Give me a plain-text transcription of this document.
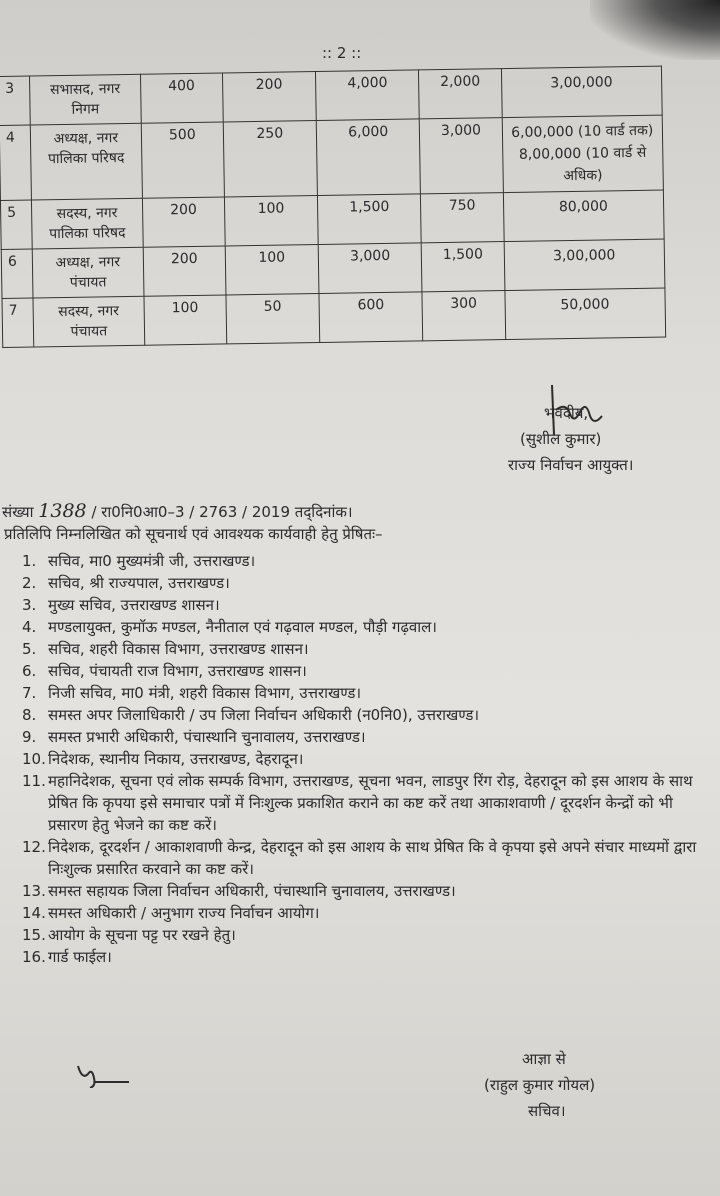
:: 2 ::
3	सभासद, नगर निगम	400	200	4,000	2,000	3,00,000
4	अध्यक्ष, नगर पालिका परिषद	500	250	6,000	3,000	6,00,000 (10 वार्ड तक) 8,00,000 (10 वार्ड से अधिक)
5	सदस्य, नगर पालिका परिषद	200	100	1,500	750	80,000
6	अध्यक्ष, नगर पंचायत	200	100	3,000	1,500	3,00,000
7	सदस्य, नगर पंचायत	100	50	600	300	50,000
भवदीय,
(सुशील कुमार)
राज्य निर्वाचन आयुक्त।
संख्या 1388 / रा0नि0आ0–3 / 2763 / 2019 तद्‌दिनांक।
प्रतिलिपि निम्नलिखित को सूचनार्थ एवं आवश्यक कार्यवाही हेतु प्रेषितः–
1. सचिव, मा0 मुख्यमंत्री जी, उत्तराखण्ड।
2. सचिव, श्री राज्यपाल, उत्तराखण्ड।
3. मुख्य सचिव, उत्तराखण्ड शासन।
4. मण्डलायुक्त, कुमॉऊ मण्डल, नैनीताल एवं गढ़वाल मण्डल, पौड़ी गढ़वाल।
5. सचिव, शहरी विकास विभाग, उत्तराखण्ड शासन।
6. सचिव, पंचायती राज विभाग, उत्तराखण्ड शासन।
7. निजी सचिव, मा0 मंत्री, शहरी विकास विभाग, उत्तराखण्ड।
8. समस्त अपर जिलाधिकारी / उप जिला निर्वाचन अधिकारी (न0नि0), उत्तराखण्ड।
9. समस्त प्रभारी अधिकारी, पंचास्थानि चुनावालय, उत्तराखण्ड।
10. निदेशक, स्थानीय निकाय, उत्तराखण्ड, देहरादून।
11. महानिदेशक, सूचना एवं लोक सम्पर्क विभाग, उत्तराखण्ड, सूचना भवन, लाडपुर रिंग रोड़, देहरादून को इस आशय के साथ प्रेषित कि कृपया इसे समाचार पत्रों में निःशुल्क प्रकाशित कराने का कष्ट करें तथा आकाशवाणी / दूरदर्शन केन्द्रों को भी प्रसारण हेतु भेजने का कष्ट करें।
12. निदेशक, दूरदर्शन / आकाशवाणी केन्द्र, देहरादून को इस आशय के साथ प्रेषित कि वे कृपया इसे अपने संचार माध्यमों द्वारा निःशुल्क प्रसारित करवाने का कष्ट करें।
13. समस्त सहायक जिला निर्वाचन अधिकारी, पंचास्थानि चुनावालय, उत्तराखण्ड।
14. समस्त अधिकारी / अनुभाग राज्य निर्वाचन आयोग।
15. आयोग के सूचना पट्ट पर रखने हेतु।
16. गार्ड फाईल।
आज्ञा से
(राहुल कुमार गोयल)
सचिव।
